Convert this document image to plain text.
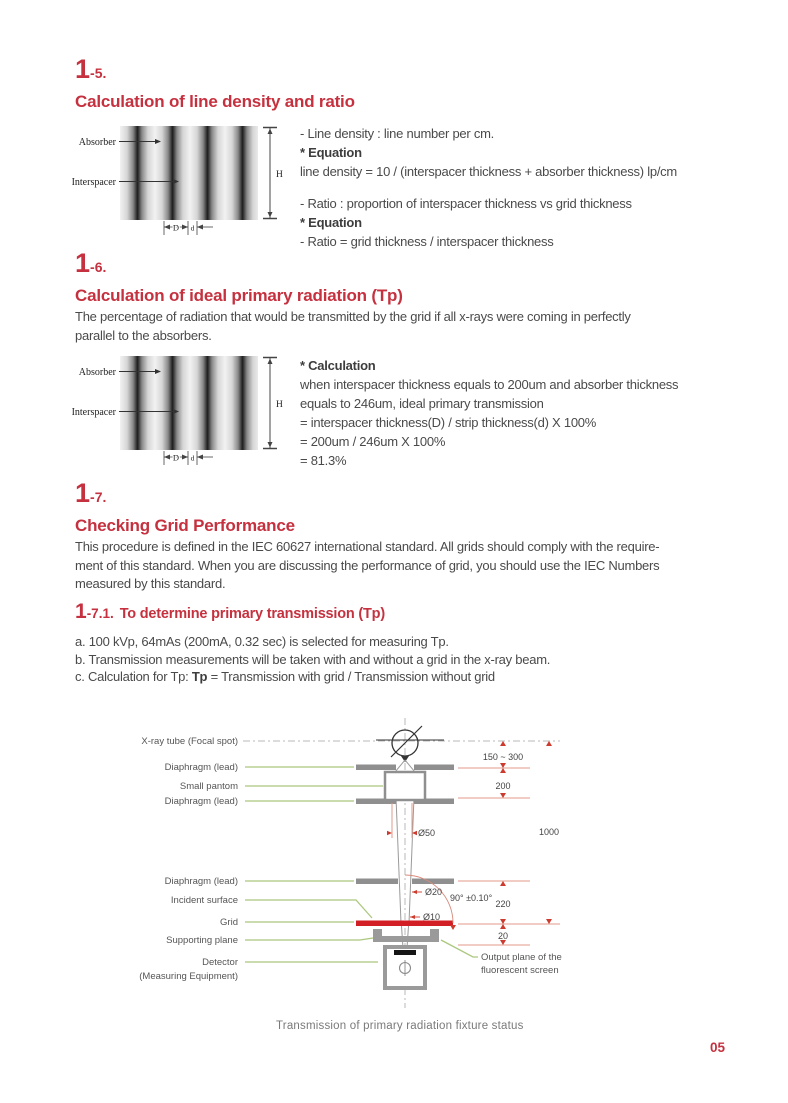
1 -5.
Calculation of line density and ratio
Absorber
Interspacer
H
D d
- Line density : line number per cm.
* Equation
line density = 10 / (interspacer thickness + absorber thickness) lp/cm
- Ratio : proportion of interspacer thickness vs grid thickness
* Equation
- Ratio = grid thickness / interspacer thickness
1 -6.
Calculation of ideal primary radiation (Tp)
The percentage of radiation that would be transmitted by the grid if all x-rays were coming in perfectly
parallel to the absorbers.
Absorber
Interspacer
H
D d
* Calculation
when interspacer thickness equals to 200um and absorber thickness
equals to 246um, ideal primary transmission
= interspacer thickness(D) / strip thickness(d) X 100%
= 200um / 246um X 100%
= 81.3%
1 -7.
Checking Grid Performance
This procedure is defined in the IEC 60627 international standard. All grids should comply with the require-
ment of this standard. When you are discussing the performance of grid, you should use the IEC Numbers
measured by this standard.
1 -7.1. To determine primary transmission (Tp)
a. 100 kVp, 64mAs (200mA, 0.32 sec) is selected for measuring Tp.
b. Transmission measurements will be taken with and without a grid in the x-ray beam.
c. Calculation for Tp: Tp = Transmission with grid / Transmission without grid
X-ray tube (Focal spot)
Diaphragm (lead)
Small pantom
Diaphragm (lead)
Diaphragm (lead)
Incident surface
Grid
Supporting plane
Detector
(Measuring Equipment)
Output plane of the
fluorescent screen
150 ~ 300
200
1000
220
20
Ø50
Ø20
Ø10
90° ±0.10°
Transmission of primary radiation fixture status
05
